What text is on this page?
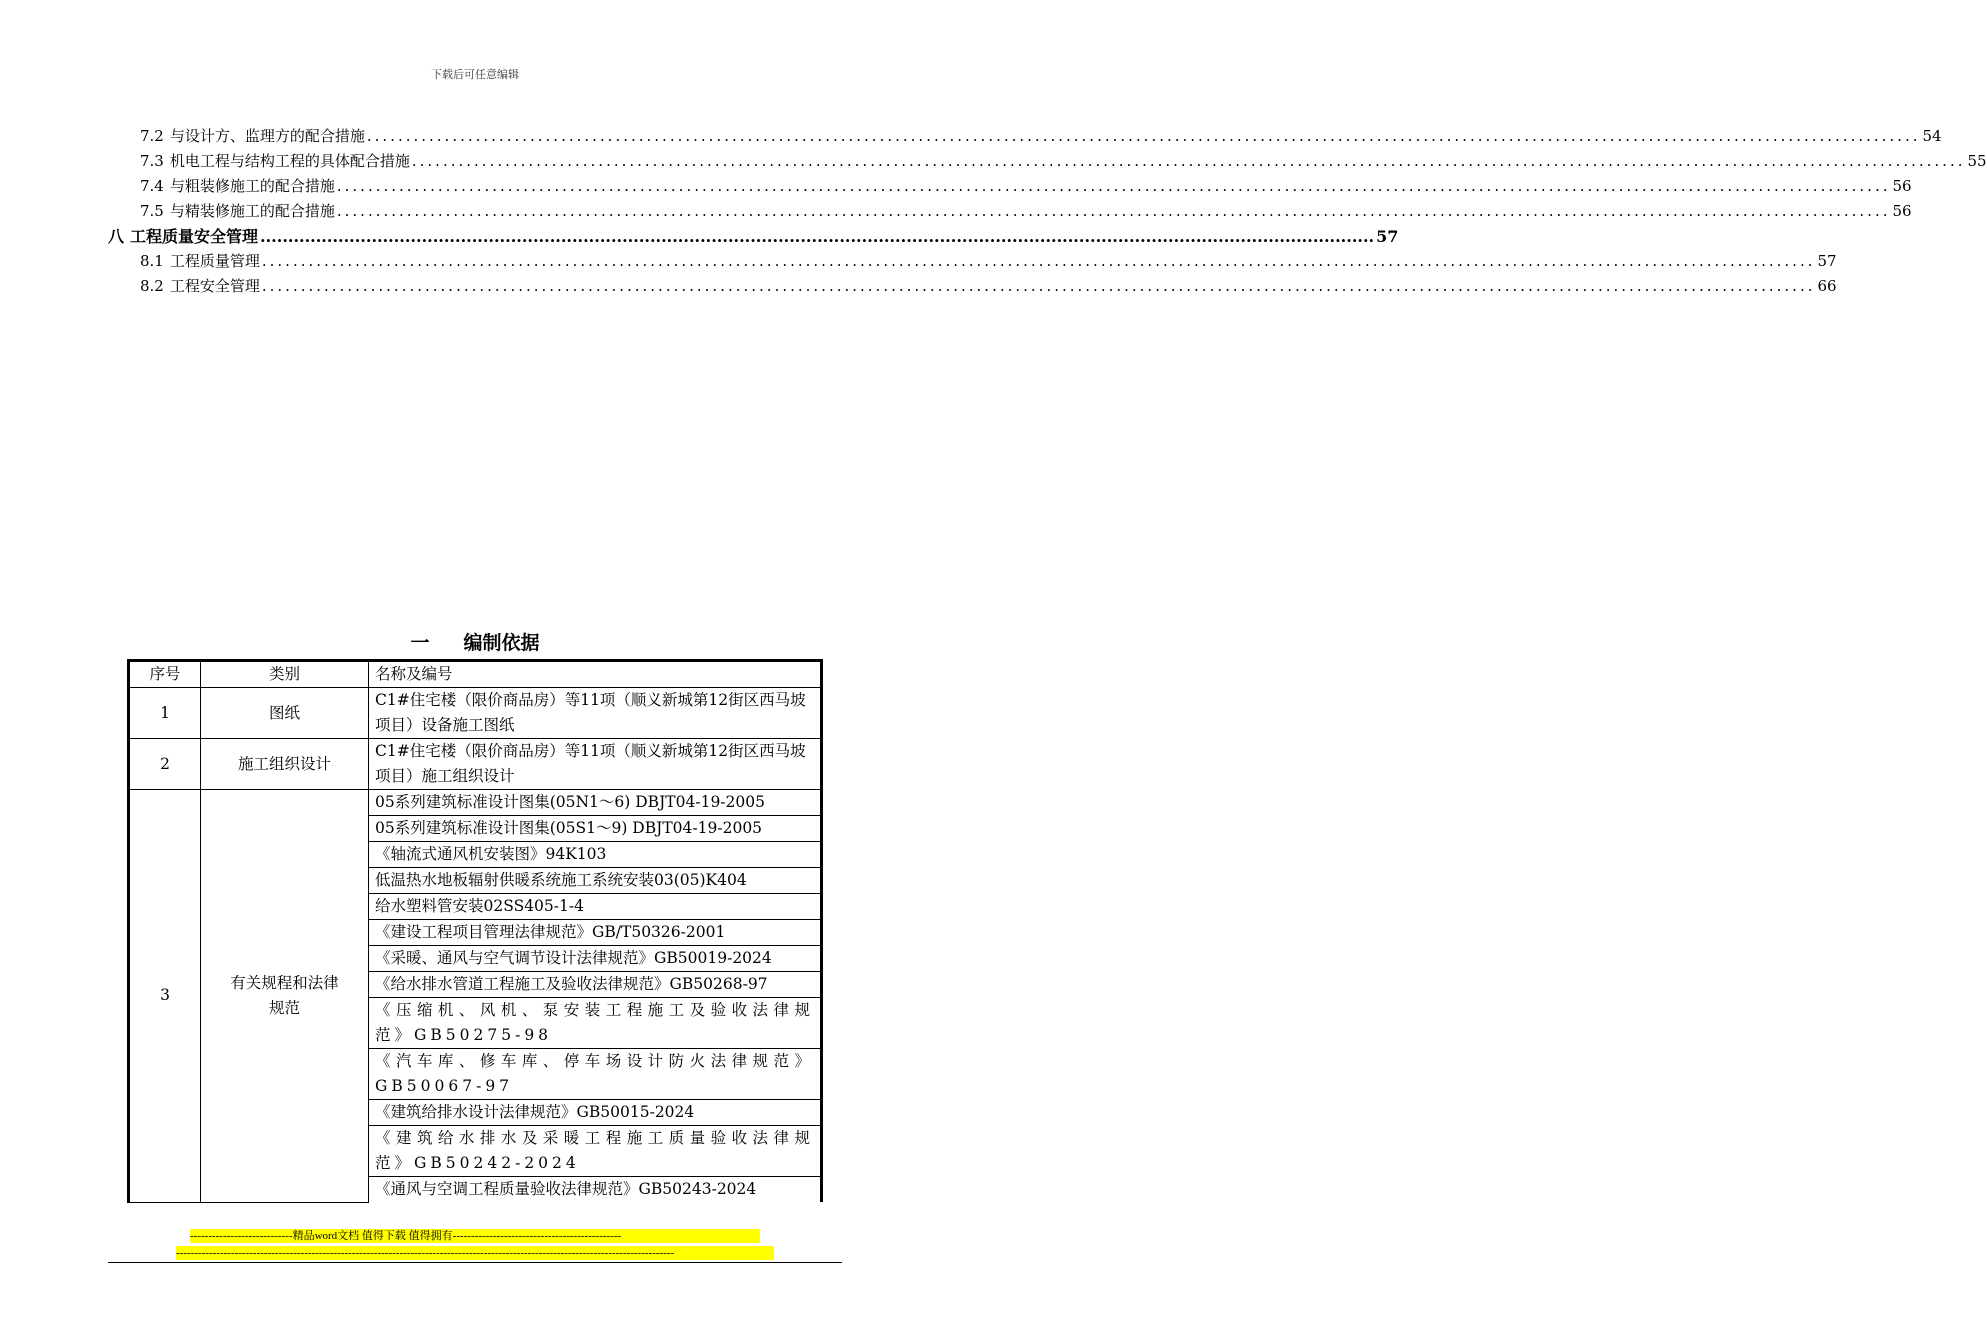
下载后可任意编辑
7.2 与设计方、监理方的配合措施 ........................................................................................................................................................................................................ 54
7.3 机电工程与结构工程的具体配合措施 ........................................................................................................................................................................................................ 55
7.4 与粗装修施工的配合措施 ........................................................................................................................................................................................................ 56
7.5 与精装修施工的配合措施 ........................................................................................................................................................................................................ 56
八 工程质量安全管理 ........................................................................................................................................................................................................ 57
8.1 工程质量管理 ........................................................................................................................................................................................................ 57
8.2 工程安全管理 ........................................................................................................................................................................................................ 66
一 编制依据
序号	类别	名称及编号
1	图纸	C1#住宅楼（限价商品房）等11项（顺义新城第12街区西马坡项目）设备施工图纸
2	施工组织设计	C1#住宅楼（限价商品房）等11项（顺义新城第12街区西马坡项目）施工组织设计
3	有关规程和法律规范	05系列建筑标准设计图集(05N1～6) DBJT04-19-2005
		05系列建筑标准设计图集(05S1～9) DBJT04-19-2005
		《轴流式通风机安装图》94K103
		低温热水地板辐射供暖系统施工系统安装03(05)K404
		给水塑料管安装02SS405-1-4
		《建设工程项目管理法律规范》GB/T50326-2001
		《采暖、通风与空气调节设计法律规范》GB50019-2024
		《给水排水管道工程施工及验收法律规范》GB50268-97
		《压缩机、风机、泵安装工程施工及验收法律规范》GB50275-98
		《汽车库、修车库、停车场设计防火法律规范》GB50067-97
		《建筑给排水设计法律规范》GB50015-2024
		《建筑给水排水及采暖工程施工质量验收法律规范》GB50242-2024
		《通风与空调工程质量验收法律规范》GB50243-2024
----------------------------精品word文档 值得下载 值得拥有----------------------------------------------
----------------------------------------------------------------------------------------------------------------------------------------
